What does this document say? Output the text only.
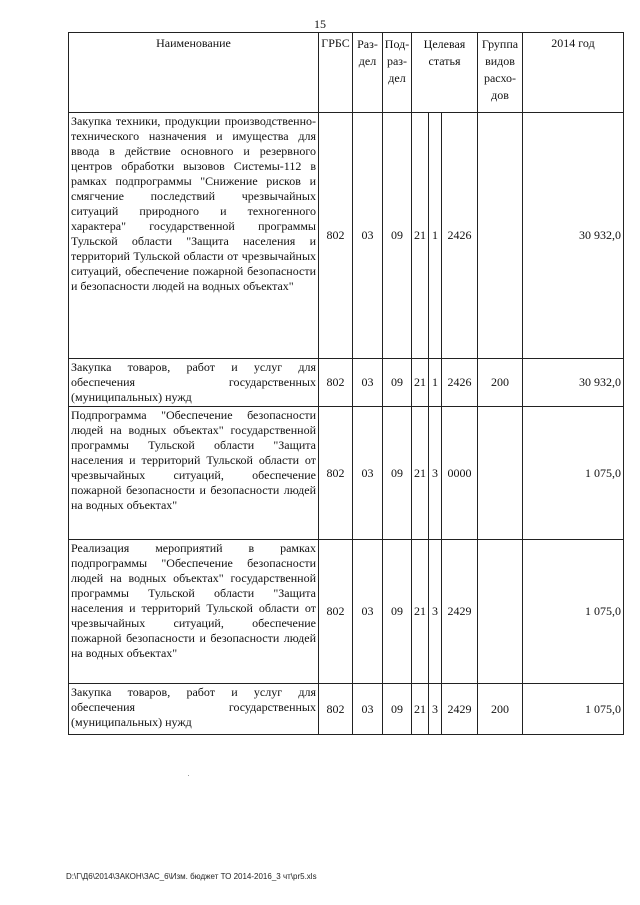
15
Наименование	ГРБС	Раз-дел	Под-раз-дел	Целевая статья			Группа видов расхо-дов	2014 год
Закупка техники, продукции производственно-технического назначения и имущества для ввода в действие основного и резервного центров обработки вызовов Системы-112 в рамках подпрограммы "Снижение рисков и смягчение последствий чрезвычайных ситуаций природного и техногенного характера" государственной программы Тульской области "Защита населения и территорий Тульской области от чрезвычайных ситуаций, обеспечение пожарной безопасности и безопасности людей на водных объектах"	802	03	09	21	1	2426		30 932,0
Закупка товаров, работ и услуг для обеспечения государственных (муниципальных) нужд	802	03	09	21	1	2426	200	30 932,0
Подпрограмма "Обеспечение безопасности людей на водных объектах" государственной программы Тульской области "Защита населения и территорий Тульской области от чрезвычайных ситуаций, обеспечение пожарной безопасности и безопасности людей на водных объектах"	802	03	09	21	3	0000		1 075,0
Реализация мероприятий в рамках подпрограммы "Обеспечение безопасности людей на водных объектах" государственной программы Тульской области "Защита населения и территорий Тульской области от чрезвычайных ситуаций, обеспечение пожарной безопасности и безопасности людей на водных объектах"	802	03	09	21	3	2429		1 075,0
Закупка товаров, работ и услуг для обеспечения государственных (муниципальных) нужд	802	03	09	21	3	2429	200	1 075,0
D:\Г\Д6\2014\ЗАКОН\ЗАС_6\Изм. бюджет ТО 2014-2016_3 чт\pr5.xls
